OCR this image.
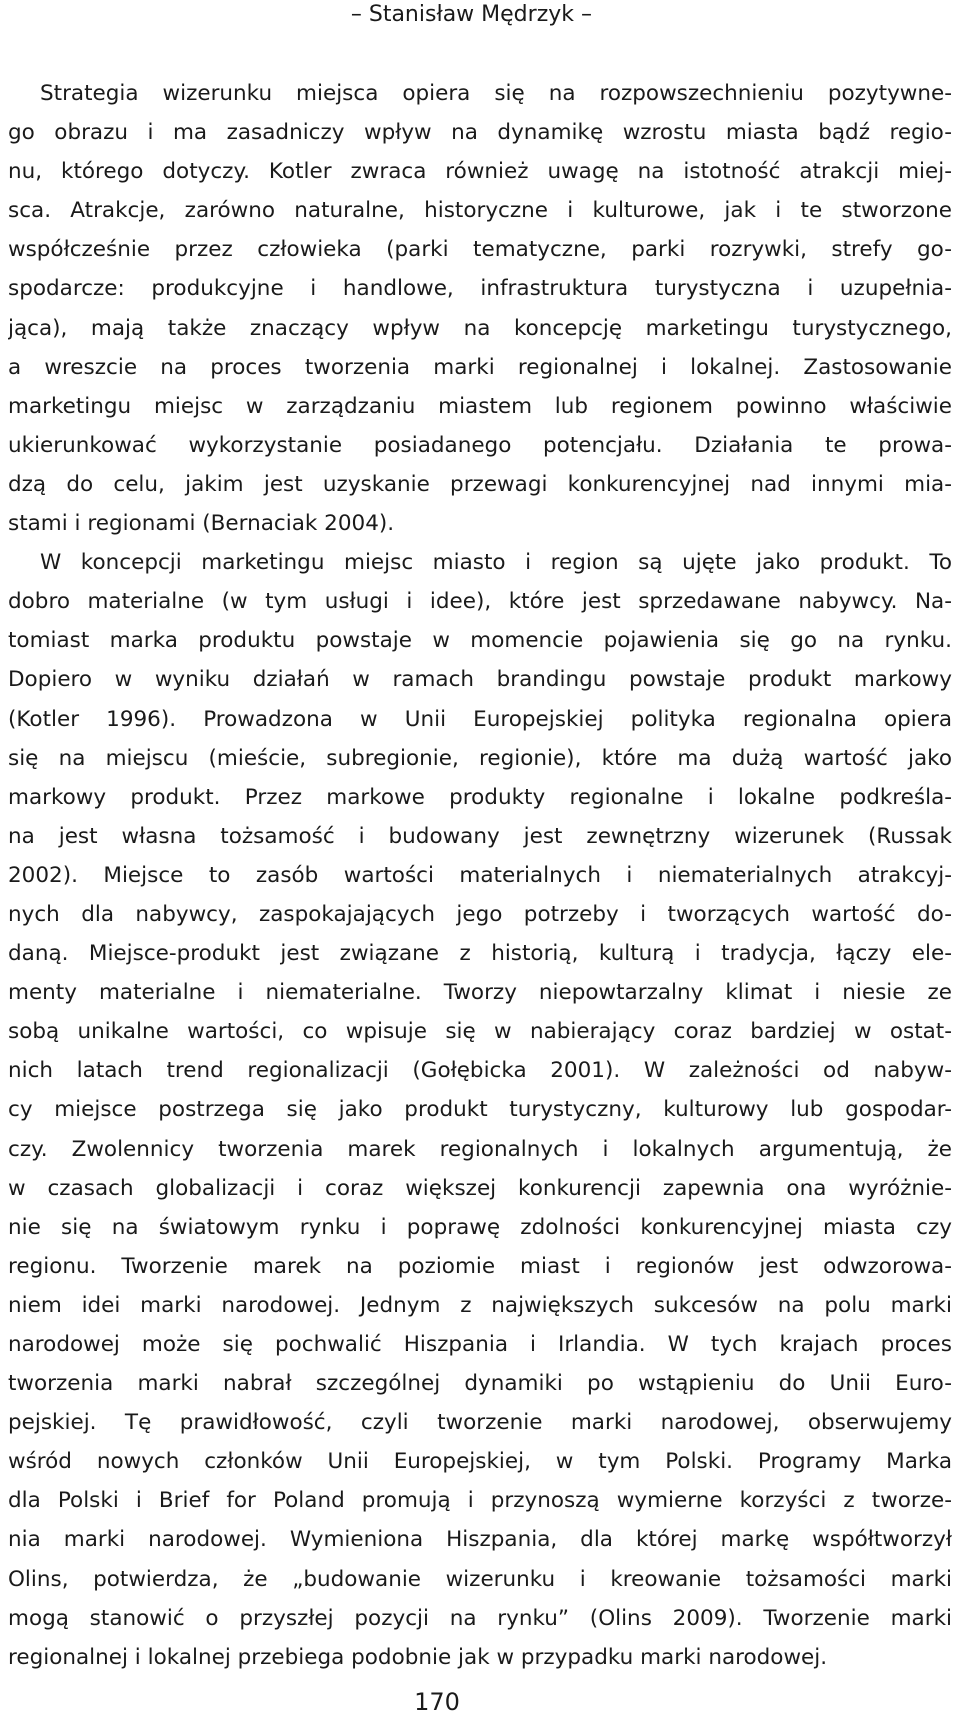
– Stanisław Mędrzyk –
Strategia wizerunku miejsca opiera się na rozpowszechnieniu pozytywne-
go obrazu i ma zasadniczy wpływ na dynamikę wzrostu miasta bądź regio-
nu, którego dotyczy. Kotler zwraca również uwagę na istotność atrakcji miej-
sca. Atrakcje, zarówno naturalne, historyczne i kulturowe, jak i te stworzone
współcześnie przez człowieka (parki tematyczne, parki rozrywki, strefy go-
spodarcze: produkcyjne i handlowe, infrastruktura turystyczna i uzupełnia-
jąca), mają także znaczący wpływ na koncepcję marketingu turystycznego,
a wreszcie na proces tworzenia marki regionalnej i lokalnej. Zastosowanie
marketingu miejsc w zarządzaniu miastem lub regionem powinno właściwie
ukierunkować wykorzystanie posiadanego potencjału. Działania te prowa-
dzą do celu, jakim jest uzyskanie przewagi konkurencyjnej nad innymi mia-
stami i regionami (Bernaciak 2004).
W koncepcji marketingu miejsc miasto i region są ujęte jako produkt. To
dobro materialne (w tym usługi i idee), które jest sprzedawane nabywcy. Na-
tomiast marka produktu powstaje w momencie pojawienia się go na rynku.
Dopiero w wyniku działań w ramach brandingu powstaje produkt markowy
(Kotler 1996). Prowadzona w Unii Europejskiej polityka regionalna opiera
się na miejscu (mieście, subregionie, regionie), które ma dużą wartość jako
markowy produkt. Przez markowe produkty regionalne i lokalne podkreśla-
na jest własna tożsamość i budowany jest zewnętrzny wizerunek (Russak
2002). Miejsce to zasób wartości materialnych i niematerialnych atrakcyj-
nych dla nabywcy, zaspokajających jego potrzeby i tworzących wartość do-
daną. Miejsce-produkt jest związane z historią, kulturą i tradycja, łączy ele-
menty materialne i niematerialne. Tworzy niepowtarzalny klimat i niesie ze
sobą unikalne wartości, co wpisuje się w nabierający coraz bardziej w ostat-
nich latach trend regionalizacji (Gołębicka 2001). W zależności od nabyw-
cy miejsce postrzega się jako produkt turystyczny, kulturowy lub gospodar-
czy. Zwolennicy tworzenia marek regionalnych i lokalnych argumentują, że
w czasach globalizacji i coraz większej konkurencji zapewnia ona wyróżnie-
nie się na światowym rynku i poprawę zdolności konkurencyjnej miasta czy
regionu. Tworzenie marek na poziomie miast i regionów jest odwzorowa-
niem idei marki narodowej. Jednym z największych sukcesów na polu marki
narodowej może się pochwalić Hiszpania i Irlandia. W tych krajach proces
tworzenia marki nabrał szczególnej dynamiki po wstąpieniu do Unii Euro-
pejskiej. Tę prawidłowość, czyli tworzenie marki narodowej, obserwujemy
wśród nowych członków Unii Europejskiej, w tym Polski. Programy Marka
dla Polski i Brief for Poland promują i przynoszą wymierne korzyści z tworze-
nia marki narodowej. Wymieniona Hiszpania, dla której markę współtworzył
Olins, potwierdza, że „budowanie wizerunku i kreowanie tożsamości marki
mogą stanowić o przyszłej pozycji na rynku” (Olins 2009). Tworzenie marki
regionalnej i lokalnej przebiega podobnie jak w przypadku marki narodowej.
170
